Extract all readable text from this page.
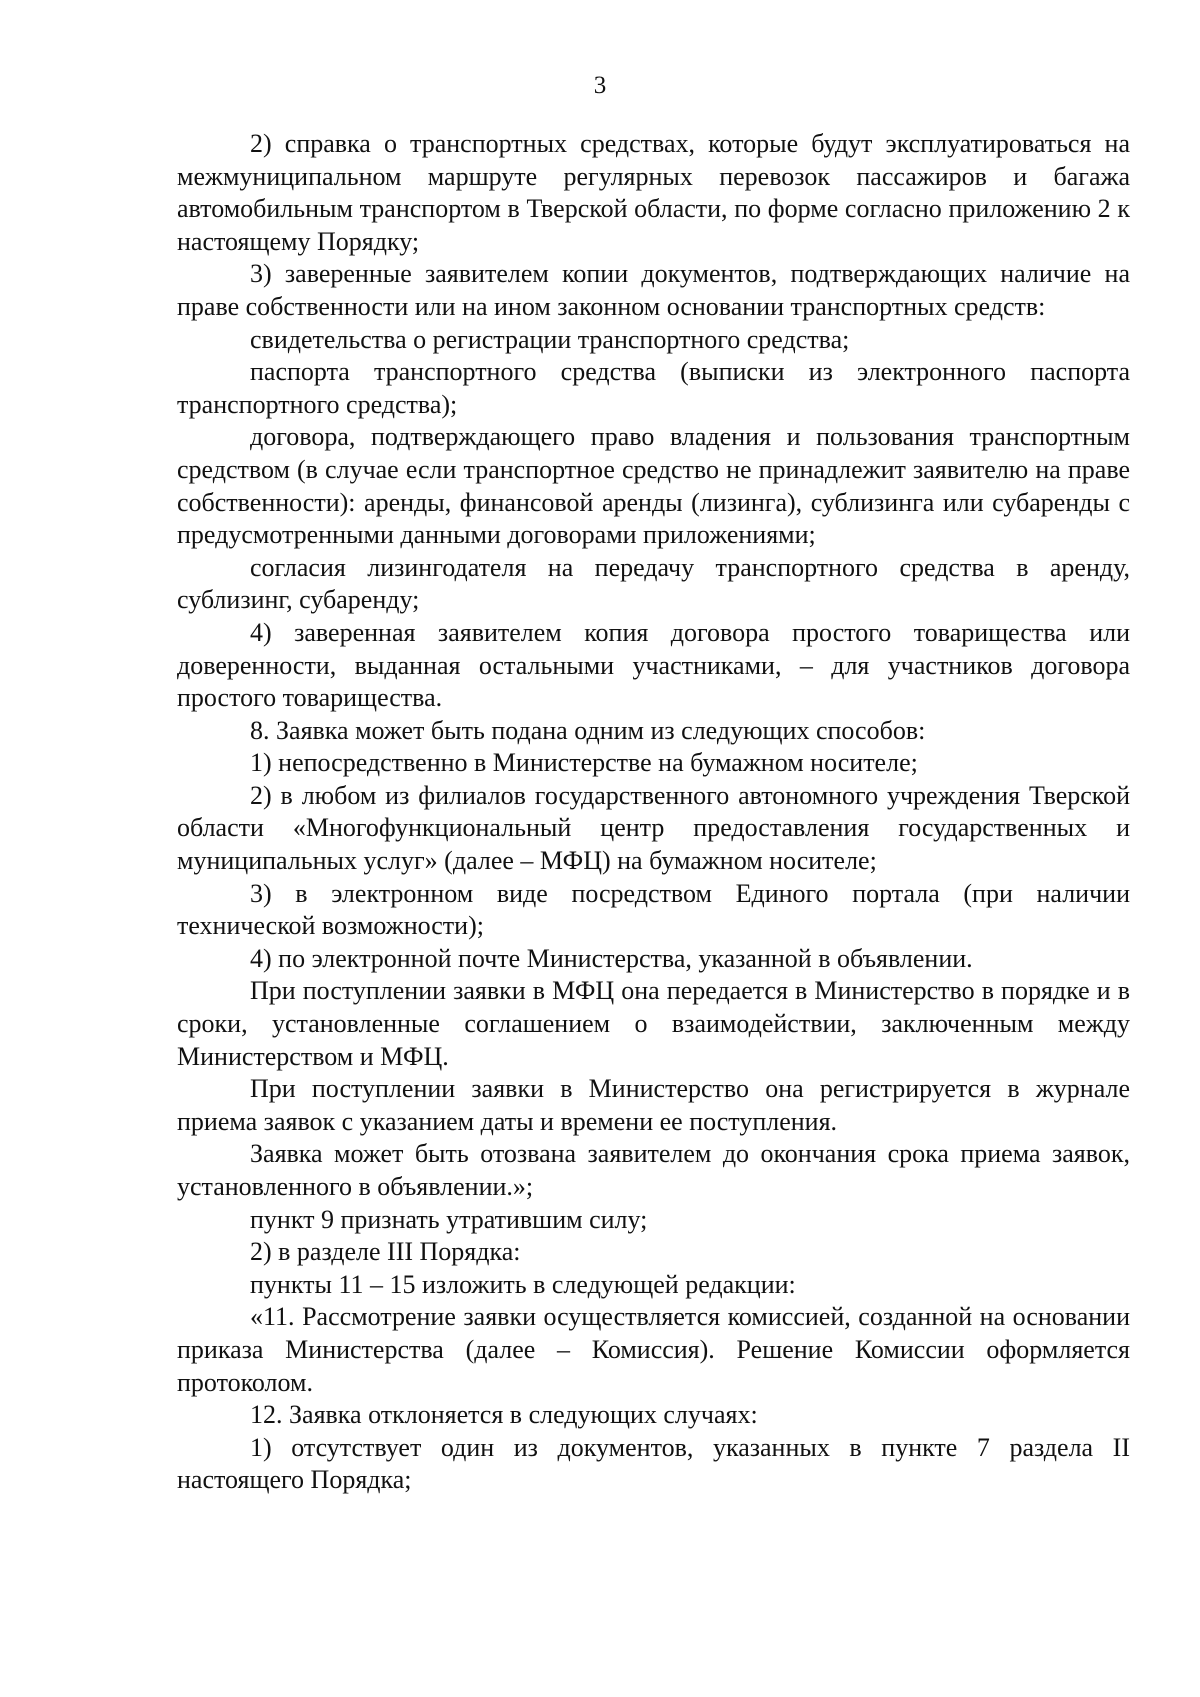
3

2) справка о транспортных средствах, которые будут эксплуатироваться на межмуниципальном маршруте регулярных перевозок пассажиров и багажа автомобильным транспортом в Тверской области, по форме согласно приложению 2 к настоящему Порядку;

3) заверенные заявителем копии документов, подтверждающих наличие на праве собственности или на ином законном основании транспортных средств:

свидетельства о регистрации транспортного средства;

паспорта транспортного средства (выписки из электронного паспорта транспортного средства);

договора, подтверждающего право владения и пользования транспортным средством (в случае если транспортное средство не принадлежит заявителю на праве собственности): аренды, финансовой аренды (лизинга), сублизинга или субаренды с предусмотренными данными договорами приложениями;

согласия лизингодателя на передачу транспортного средства в аренду, сублизинг, субаренду;

4) заверенная заявителем копия договора простого товарищества или доверенности, выданная остальными участниками, – для участников договора простого товарищества.

8. Заявка может быть подана одним из следующих способов:

1) непосредственно в Министерстве на бумажном носителе;

2) в любом из филиалов государственного автономного учреждения Тверской области «Многофункциональный центр предоставления государственных и муниципальных услуг» (далее – МФЦ) на бумажном носителе;

3) в электронном виде посредством Единого портала (при наличии технической возможности);

4) по электронной почте Министерства, указанной в объявлении.

При поступлении заявки в МФЦ она передается в Министерство в порядке и в сроки, установленные соглашением о взаимодействии, заключенным между Министерством и МФЦ.

При поступлении заявки в Министерство она регистрируется в журнале приема заявок с указанием даты и времени ее поступления.

Заявка может быть отозвана заявителем до окончания срока приема заявок, установленного в объявлении.»;

пункт 9 признать утратившим силу;

2) в разделе III Порядка:

пункты 11 – 15 изложить в следующей редакции:

«11. Рассмотрение заявки осуществляется комиссией, созданной на основании приказа Министерства (далее – Комиссия). Решение Комиссии оформляется протоколом.

12. Заявка отклоняется в следующих случаях:

1) отсутствует один из документов, указанных в пункте 7 раздела II настоящего Порядка;
